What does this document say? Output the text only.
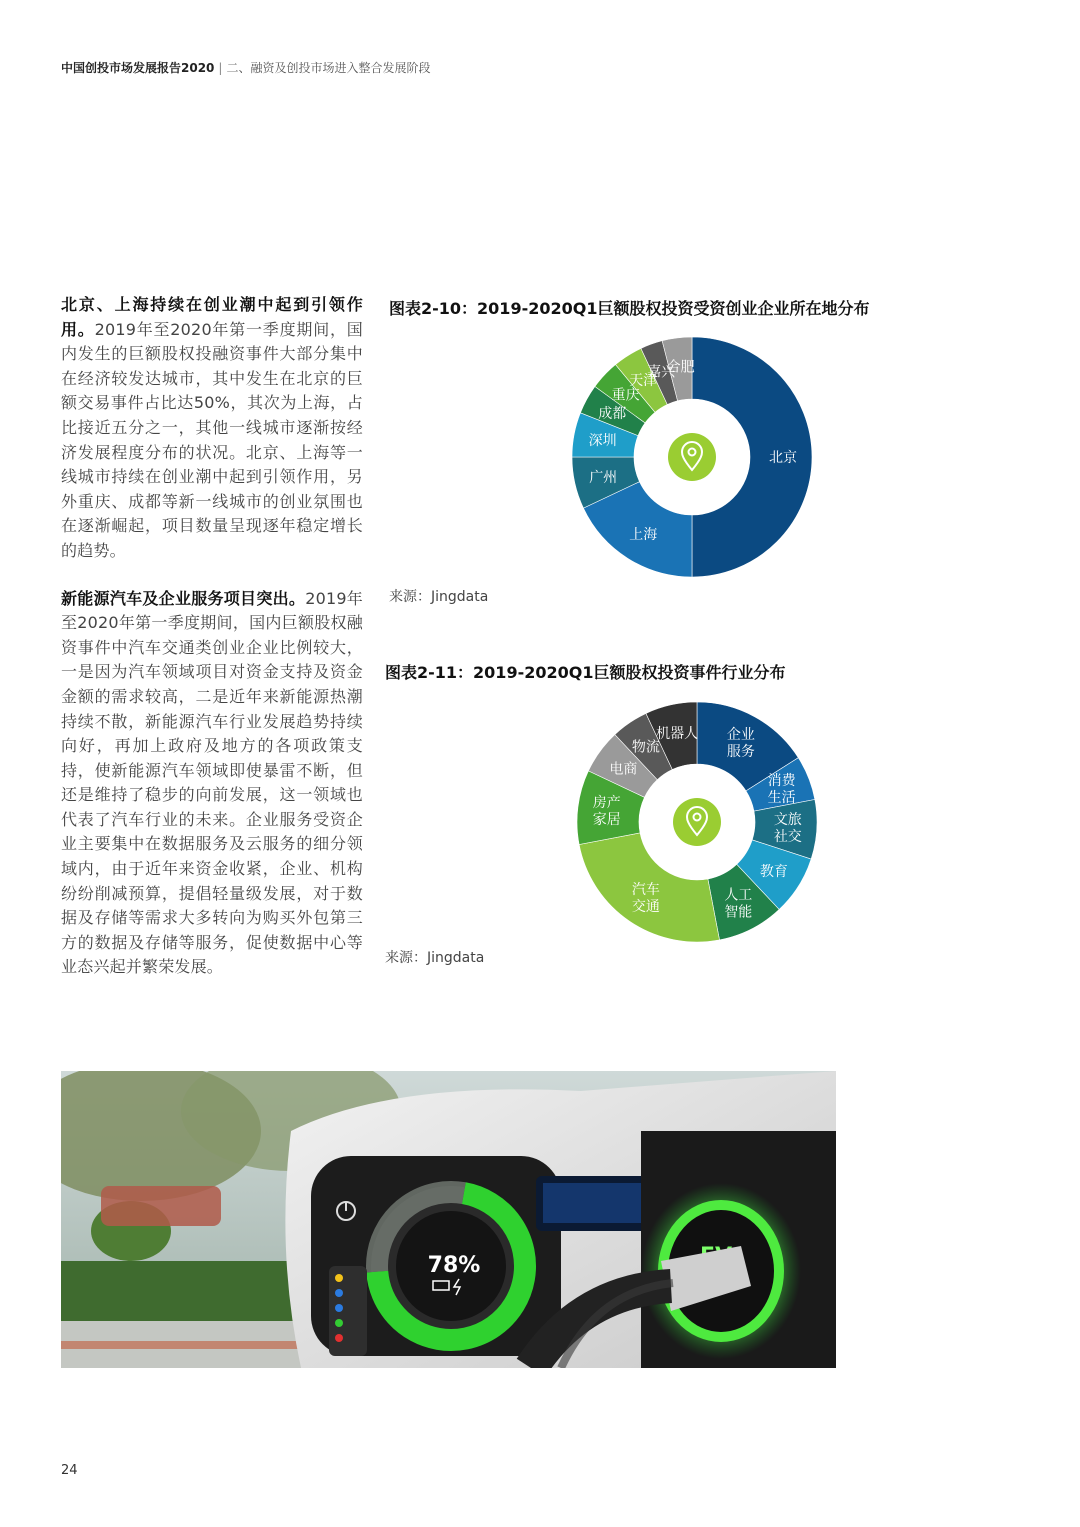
中国创投市场发展报告2020 | 二、融资及创投市场进入整合发展阶段

北京、上海持续在创业潮中起到引领作用。2019年至2020年第一季度期间，国内发生的巨额股权投融资事件大部分集中在经济较发达城市，其中发生在北京的巨额交易事件占比达50%，其次为上海，占比接近五分之一，其他一线城市逐渐按经济发展程度分布的状况。北京、上海等一线城市持续在创业潮中起到引领作用，另外重庆、成都等新一线城市的创业氛围也在逐渐崛起，项目数量呈现逐年稳定增长的趋势。

新能源汽车及企业服务项目突出。2019年至2020年第一季度期间，国内巨额股权融资事件中汽车交通类创业企业比例较大，一是因为汽车领域项目对资金支持及资金金额的需求较高，二是近年来新能源热潮持续不散，新能源汽车行业发展趋势持续向好，再加上政府及地方的各项政策支持，使新能源汽车领域即使暴雷不断，但还是维持了稳步的向前发展，这一领域也代表了汽车行业的未来。企业服务受资企业主要集中在数据服务及云服务的细分领域内，由于近年来资金收紧，企业、机构纷纷削减预算，提倡轻量级发展，对于数据及存储等需求大多转向为购买外包第三方的数据及存储等服务，促使数据中心等业态兴起并繁荣发展。

图表2-10：2019-2020Q1巨额股权投资受资创业企业所在地分布
北京
上海
广州
深圳
成都
重庆
天津
嘉兴
合肥
来源：Jingdata
图表2-11：2019-2020Q1巨额股权投资事件行业分布
企业服务
消费生活
文旅社交
教育
人工智能
汽车交通
房产家居
电商
物流
机器人
来源：Jingdata
78%
24
